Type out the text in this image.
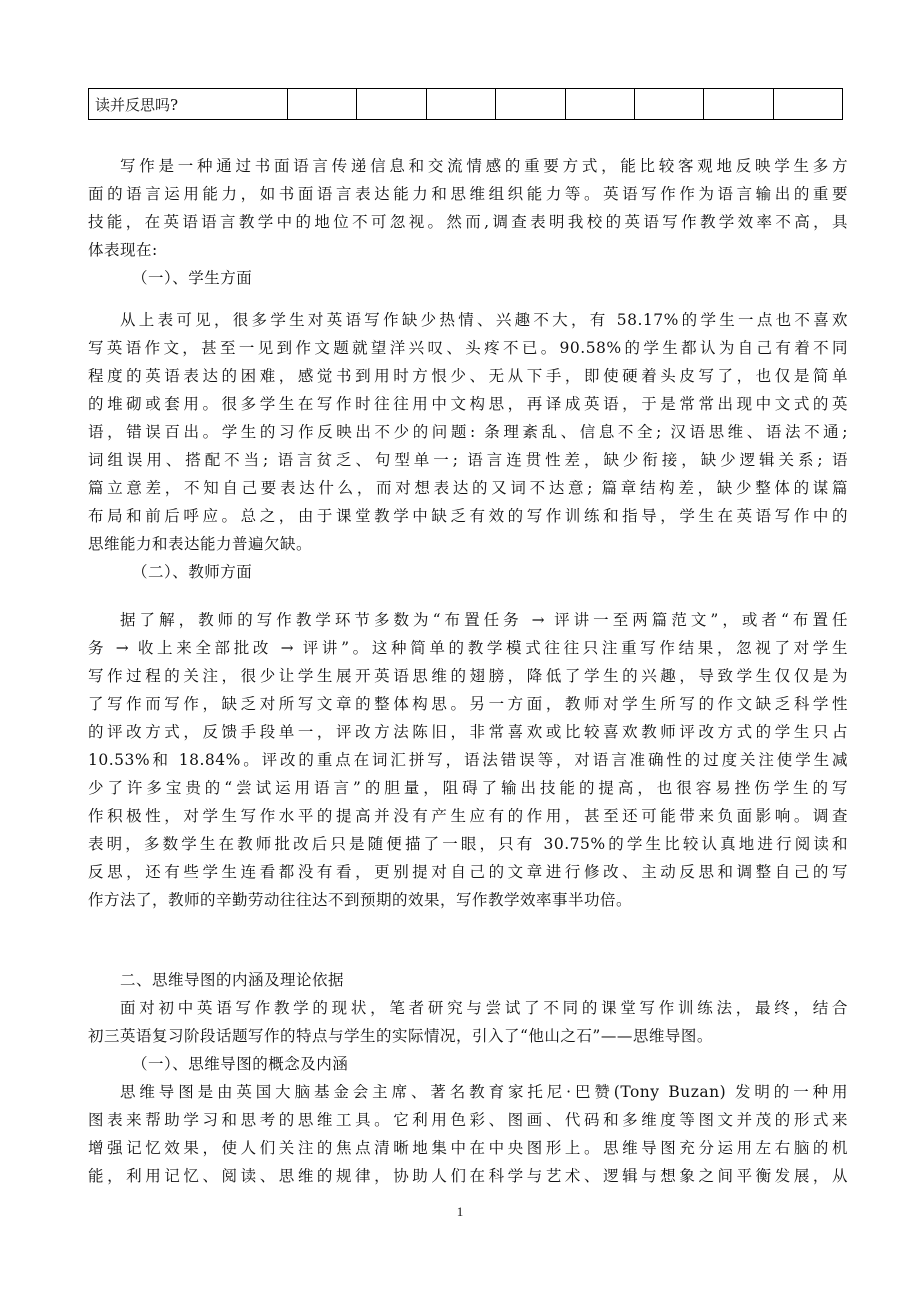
读并反思吗?								
写作是一种通过书面语言传递信息和交流情感的重要方式，能比较客观地反映学生多方
面的语言运用能力，如书面语言表达能力和思维组织能力等。英语写作作为语言输出的重要
技能，在英语语言教学中的地位不可忽视。然而,调查表明我校的英语写作教学效率不高，具
体表现在:
（一）、学生方面
从上表可见，很多学生对英语写作缺少热情、兴趣不大，有 58.17%的学生一点也不喜欢
写英语作文，甚至一见到作文题就望洋兴叹、头疼不已。90.58%的学生都认为自己有着不同
程度的英语表达的困难，感觉书到用时方恨少、无从下手，即使硬着头皮写了，也仅是简单
的堆砌或套用。很多学生在写作时往往用中文构思，再译成英语，于是常常出现中文式的英
语，错误百出。学生的习作反映出不少的问题: 条理紊乱、信息不全; 汉语思维、语法不通;
词组误用、搭配不当; 语言贫乏、句型单一; 语言连贯性差，缺少衔接，缺少逻辑关系; 语
篇立意差，不知自己要表达什么，而对想表达的又词不达意; 篇章结构差，缺少整体的谋篇
布局和前后呼应。总之，由于课堂教学中缺乏有效的写作训练和指导，学生在英语写作中的
思维能力和表达能力普遍欠缺。
（二）、教师方面
据了解，教师的写作教学环节多数为“布置任务 → 评讲一至两篇范文”，或者“布置任
务 → 收上来全部批改 → 评讲”。这种简单的教学模式往往只注重写作结果，忽视了对学生
写作过程的关注，很少让学生展开英语思维的翅膀，降低了学生的兴趣，导致学生仅仅是为
了写作而写作，缺乏对所写文章的整体构思。另一方面，教师对学生所写的作文缺乏科学性
的评改方式，反馈手段单一，评改方法陈旧，非常喜欢或比较喜欢教师评改方式的学生只占
10.53%和 18.84%。评改的重点在词汇拼写，语法错误等，对语言准确性的过度关注使学生减
少了许多宝贵的“尝试运用语言”的胆量，阻碍了输出技能的提高，也很容易挫伤学生的写
作积极性，对学生写作水平的提高并没有产生应有的作用，甚至还可能带来负面影响。调查
表明，多数学生在教师批改后只是随便描了一眼，只有 30.75%的学生比较认真地进行阅读和
反思，还有些学生连看都没有看，更别提对自己的文章进行修改、主动反思和调整自己的写
作方法了，教师的辛勤劳动往往达不到预期的效果，写作教学效率事半功倍。
二、思维导图的内涵及理论依据
面对初中英语写作教学的现状，笔者研究与尝试了不同的课堂写作训练法，最终，结合
初三英语复习阶段话题写作的特点与学生的实际情况，引入了“他山之石”——思维导图。
（一）、思维导图的概念及内涵
思维导图是由英国大脑基金会主席、著名教育家托尼·巴赞(Tony Buzan) 发明的一种用
图表来帮助学习和思考的思维工具。它利用色彩、图画、代码和多维度等图文并茂的形式来
增强记忆效果，使人们关注的焦点清晰地集中在中央图形上。思维导图充分运用左右脑的机
能，利用记忆、阅读、思维的规律，协助人们在科学与艺术、逻辑与想象之间平衡发展，从
1
